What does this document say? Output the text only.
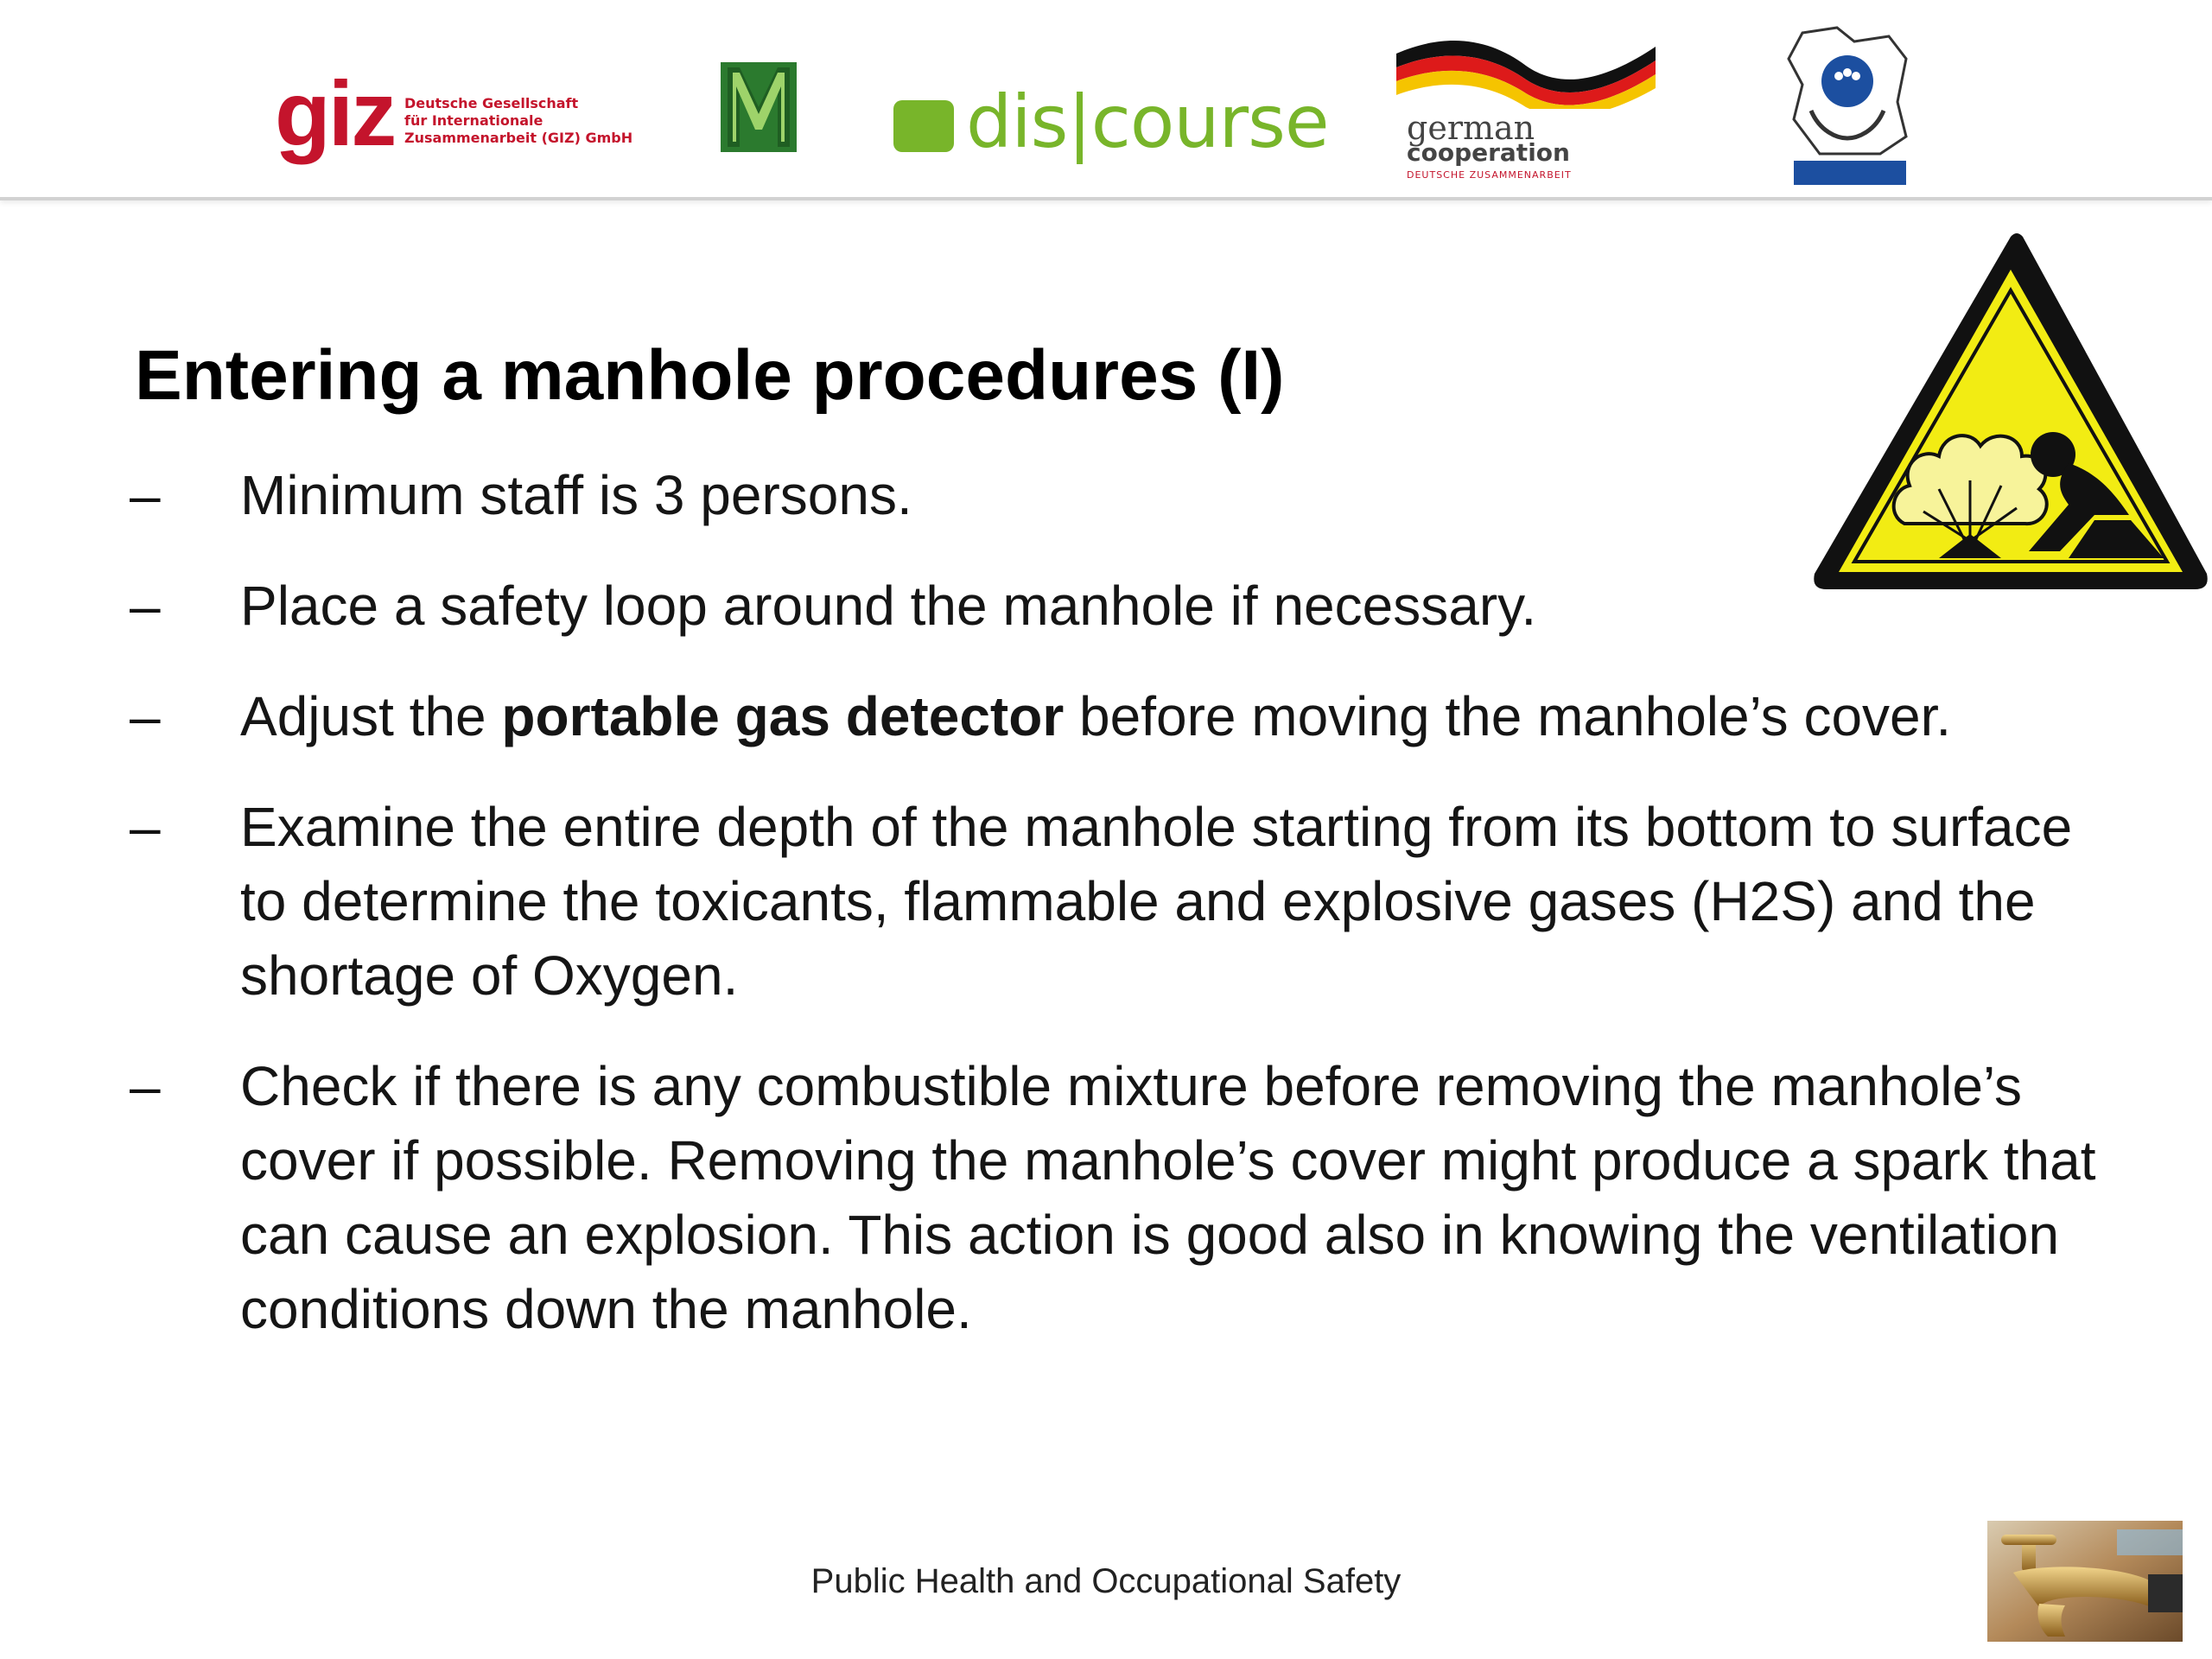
giz Deutsche Gesellschaft
für Internationale
Zusammenarbeit (GIZ) GmbH	dis|course german
cooperation
DEUTSCHE ZUSAMMENARBEIT
Entering a manhole procedures (I)
– Minimum staff is 3 persons.
– Place a safety loop around the manhole if necessary.
– Adjust the portable gas detector before moving the manhole’s cover.
– Examine the entire depth of the manhole starting from its bottom to surface to determine the toxicants, flammable and explosive gases (H2S) and the shortage of Oxygen.
– Check if there is any combustible mixture before removing the manhole’s cover if possible. Removing the manhole’s cover might produce a spark that can cause an explosion. This action is good also in knowing the ventilation conditions down the manhole.
Public Health and Occupational Safety
